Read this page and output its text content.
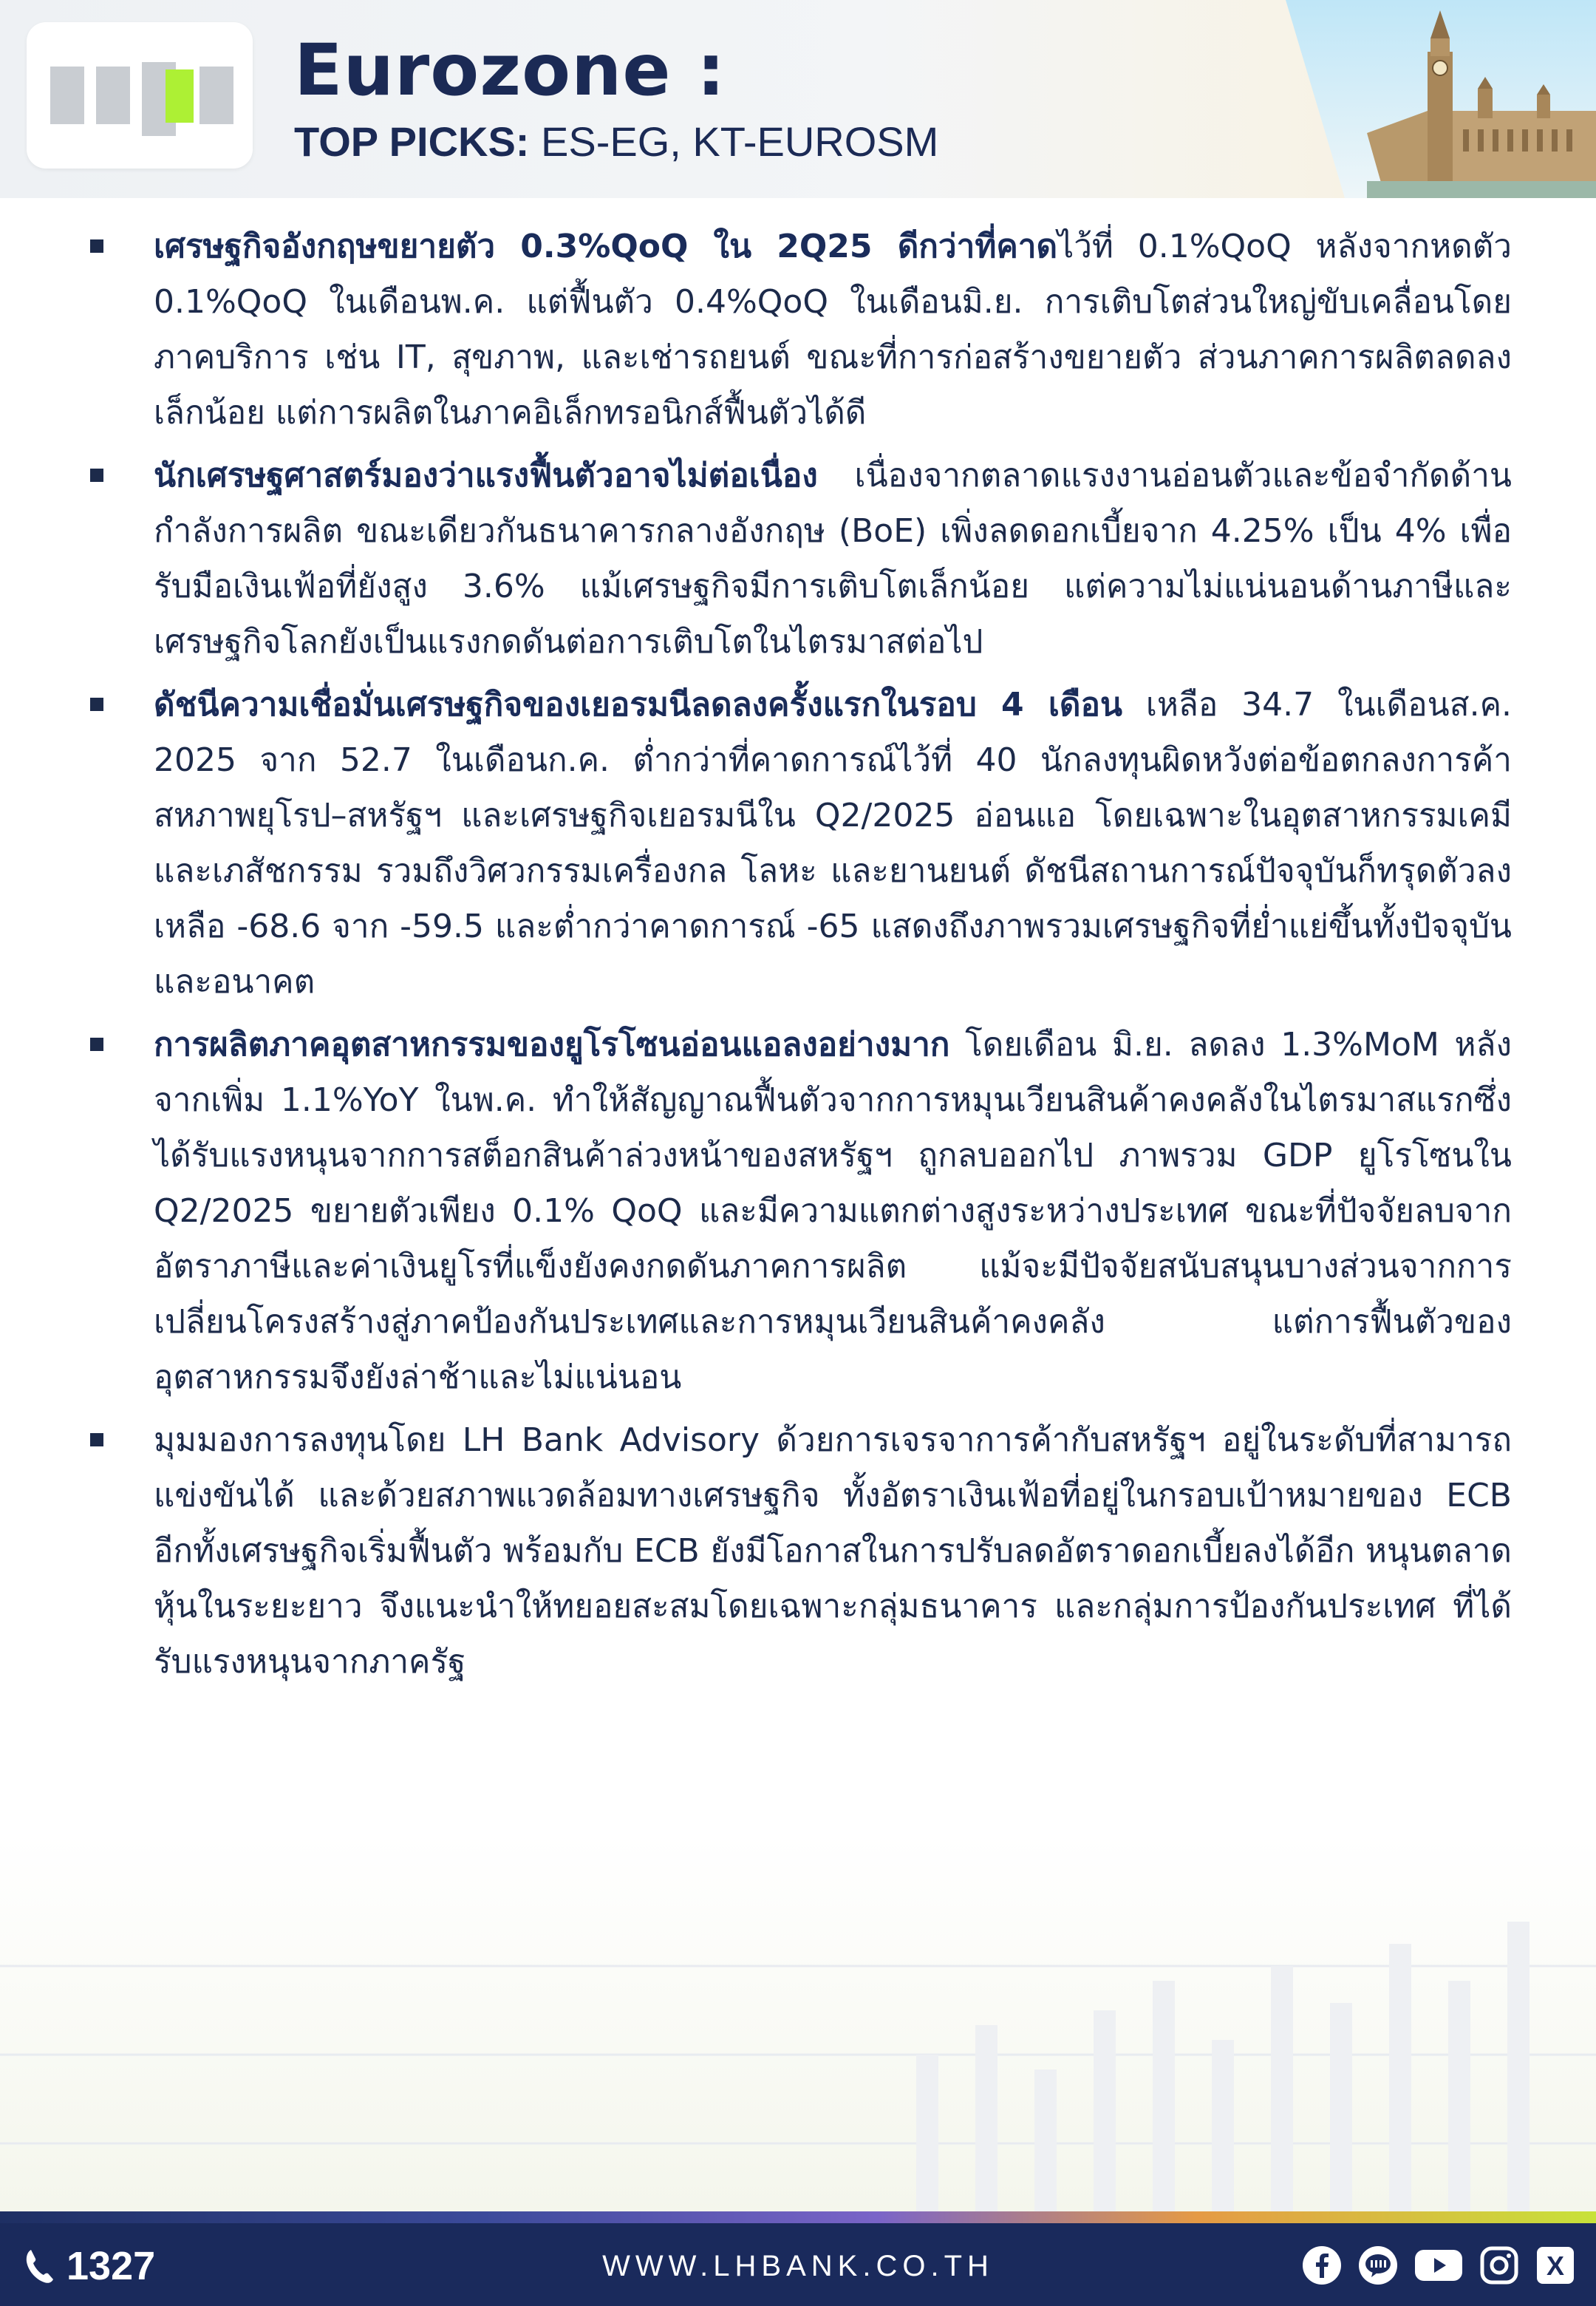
Eurozone :
TOP PICKS: ES-EG, KT-EUROSM

เศรษฐกิจอังกฤษขยายตัว 0.3%QoQ ใน 2Q25 ดีกว่าที่คาดไว้ที่ 0.1%QoQ หลังจากหดตัว 0.1%QoQ ในเดือนพ.ค. แต่ฟื้นตัว 0.4%QoQ ในเดือนมิ.ย. การเติบโตส่วนใหญ่ขับเคลื่อนโดยภาคบริการ เช่น IT, สุขภาพ, และเช่ารถยนต์ ขณะที่การก่อสร้างขยายตัว ส่วนภาคการผลิตลดลงเล็กน้อย แต่การผลิตในภาคอิเล็กทรอนิกส์ฟื้นตัวได้ดี

นักเศรษฐศาสตร์มองว่าแรงฟื้นตัวอาจไม่ต่อเนื่อง เนื่องจากตลาดแรงงานอ่อนตัวและข้อจำกัดด้านกำลังการผลิต ขณะเดียวกันธนาคารกลางอังกฤษ (BoE) เพิ่งลดดอกเบี้ยจาก 4.25% เป็น 4% เพื่อรับมือเงินเฟ้อที่ยังสูง 3.6% แม้เศรษฐกิจมีการเติบโตเล็กน้อย แต่ความไม่แน่นอนด้านภาษีและเศรษฐกิจโลกยังเป็นแรงกดดันต่อการเติบโตในไตรมาสต่อไป

ดัชนีความเชื่อมั่นเศรษฐกิจของเยอรมนีลดลงครั้งแรกในรอบ 4 เดือน เหลือ 34.7 ในเดือนส.ค. 2025 จาก 52.7 ในเดือนก.ค. ต่ำกว่าที่คาดการณ์ไว้ที่ 40 นักลงทุนผิดหวังต่อข้อตกลงการค้าสหภาพยุโรป–สหรัฐฯ และเศรษฐกิจเยอรมนีใน Q2/2025 อ่อนแอ โดยเฉพาะในอุตสาหกรรมเคมีและเภสัชกรรม รวมถึงวิศวกรรมเครื่องกล โลหะ และยานยนต์ ดัชนีสถานการณ์ปัจจุบันก็ทรุดตัวลงเหลือ -68.6 จาก -59.5 และต่ำกว่าคาดการณ์ -65 แสดงถึงภาพรวมเศรษฐกิจที่ย่ำแย่ขึ้นทั้งปัจจุบันและอนาคต

การผลิตภาคอุตสาหกรรมของยูโรโซนอ่อนแอลงอย่างมาก โดยเดือน มิ.ย. ลดลง 1.3%MoM หลังจากเพิ่ม 1.1%YoY ในพ.ค. ทำให้สัญญาณฟื้นตัวจากการหมุนเวียนสินค้าคงคลังในไตรมาสแรกซึ่งได้รับแรงหนุนจากการสต็อกสินค้าล่วงหน้าของสหรัฐฯ ถูกลบออกไป ภาพรวม GDP ยูโรโซนใน Q2/2025 ขยายตัวเพียง 0.1% QoQ และมีความแตกต่างสูงระหว่างประเทศ ขณะที่ปัจจัยลบจากอัตราภาษีและค่าเงินยูโรที่แข็งยังคงกดดันภาคการผลิต แม้จะมีปัจจัยสนับสนุนบางส่วนจากการเปลี่ยนโครงสร้างสู่ภาคป้องกันประเทศและการหมุนเวียนสินค้าคงคลัง แต่การฟื้นตัวของอุตสาหกรรมจึงยังล่าช้าและไม่แน่นอน

มุมมองการลงทุนโดย LH Bank Advisory ด้วยการเจรจาการค้ากับสหรัฐฯ อยู่ในระดับที่สามารถแข่งขันได้ และด้วยสภาพแวดล้อมทางเศรษฐกิจ ทั้งอัตราเงินเฟ้อที่อยู่ในกรอบเป้าหมายของ ECB อีกทั้งเศรษฐกิจเริ่มฟื้นตัว พร้อมกับ ECB ยังมีโอกาสในการปรับลดอัตราดอกเบี้ยลงได้อีก หนุนตลาดหุ้นในระยะยาว จึงแนะนำให้ทยอยสะสมโดยเฉพาะกลุ่มธนาคาร และกลุ่มการป้องกันประเทศ ที่ได้รับแรงหนุนจากภาครัฐ

1327	WWW.LHBANK.CO.TH	X
